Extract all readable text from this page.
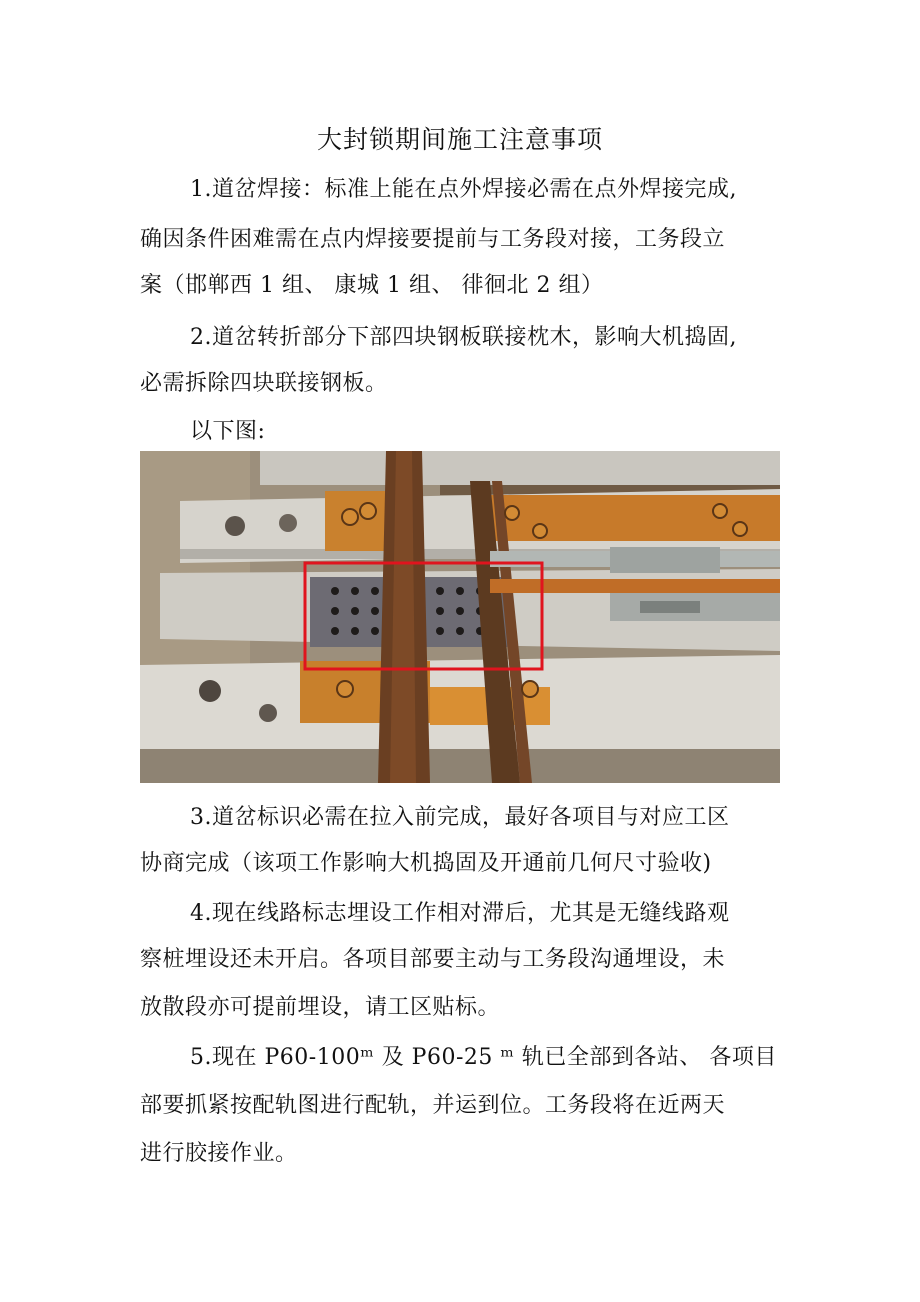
大封锁期间施工注意事项
1.道岔焊接：标准上能在点外焊接必需在点外焊接完成,
确因条件困难需在点内焊接要提前与工务段对接，工务段立
案（邯郸西 1 组、 康城 1 组、 徘徊北 2 组）
2.道岔转折部分下部四块钢板联接枕木，影响大机捣固,
必需拆除四块联接钢板。
以下图:
3.道岔标识必需在拉入前完成，最好各项目与对应工区
协商完成（该项工作影响大机捣固及开通前几何尺寸验收)
4.现在线路标志埋设工作相对滞后，尤其是无缝线路观
察桩埋设还未开启。各项目部要主动与工务段沟通埋设，未
放散段亦可提前埋设，请工区贴标。
5.现在 P60-100ᵐ 及 P60-25 ᵐ 轨已全部到各站、 各项目
部要抓紧按配轨图进行配轨，并运到位。工务段将在近两天
进行胶接作业。
